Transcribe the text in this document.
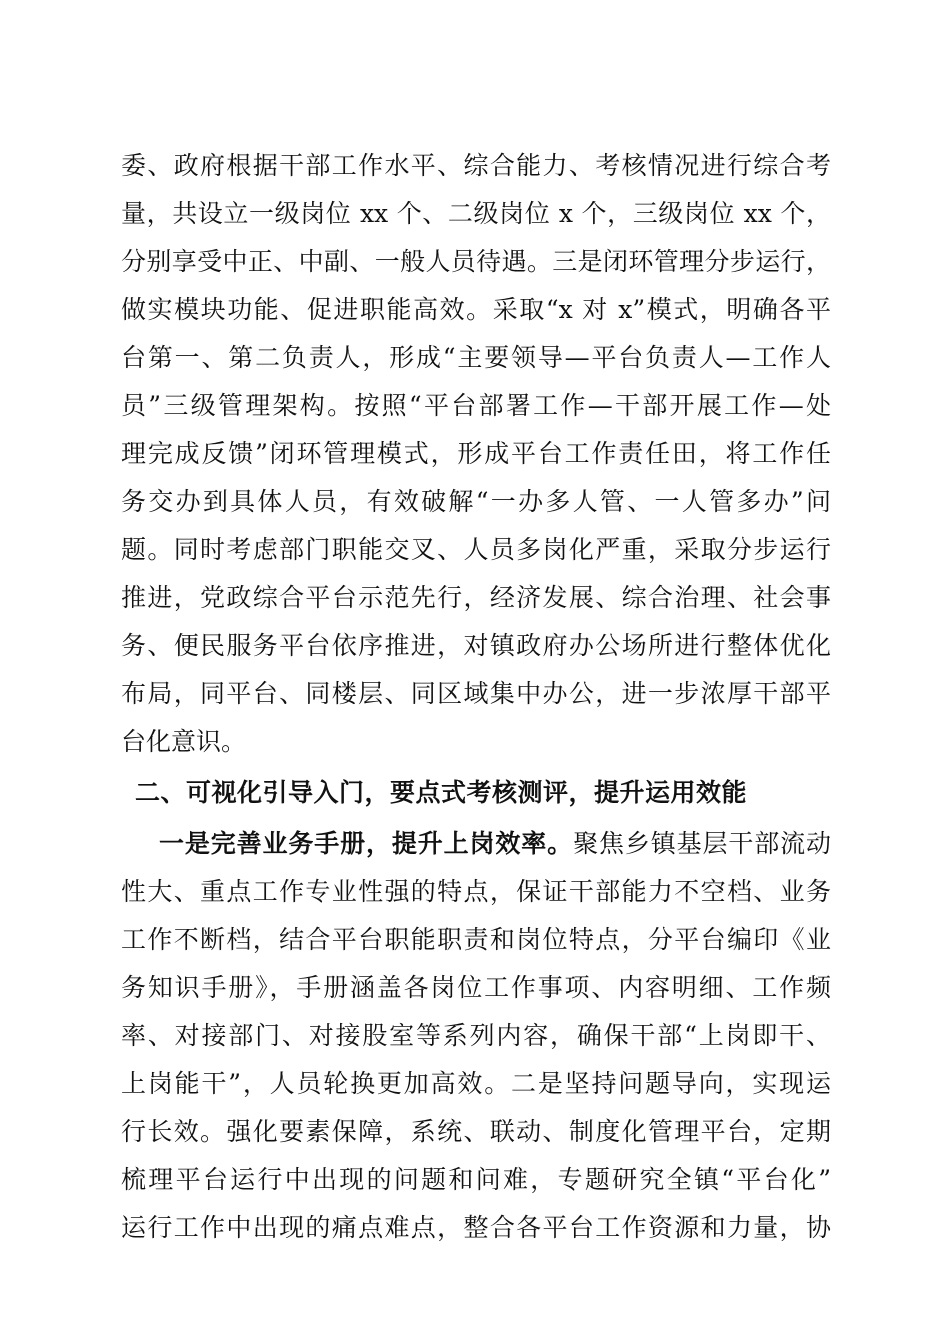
委、政府根据干部工作水平、综合能力、考核情况进行综合考
量，共设立一级岗位 xx 个、二级岗位 x 个，三级岗位 xx 个，
分别享受中正、中副、一般人员待遇。三是闭环管理分步运行，
做实模块功能、促进职能高效。采取“x 对 x”模式，明确各平
台第一、第二负责人，形成“主要领导—平台负责人—工作人
员”三级管理架构。按照“平台部署工作—干部开展工作—处
理完成反馈”闭环管理模式，形成平台工作责任田，将工作任
务交办到具体人员，有效破解“一办多人管、一人管多办”问
题。同时考虑部门职能交叉、人员多岗化严重，采取分步运行
推进，党政综合平台示范先行，经济发展、综合治理、社会事
务、便民服务平台依序推进，对镇政府办公场所进行整体优化
布局，同平台、同楼层、同区域集中办公，进一步浓厚干部平
台化意识。
二、可视化引导入门，要点式考核测评，提升运用效能
一是完善业务手册，提升上岗效率。聚焦乡镇基层干部流动
性大、重点工作专业性强的特点，保证干部能力不空档、业务
工作不断档，结合平台职能职责和岗位特点，分平台编印《业
务知识手册》，手册涵盖各岗位工作事项、内容明细、工作频
率、对接部门、对接股室等系列内容，确保干部“上岗即干、
上岗能干”，人员轮换更加高效。二是坚持问题导向，实现运
行长效。强化要素保障，系统、联动、制度化管理平台，定期
梳理平台运行中出现的问题和问难，专题研究全镇“平台化”
运行工作中出现的痛点难点，整合各平台工作资源和力量，协
